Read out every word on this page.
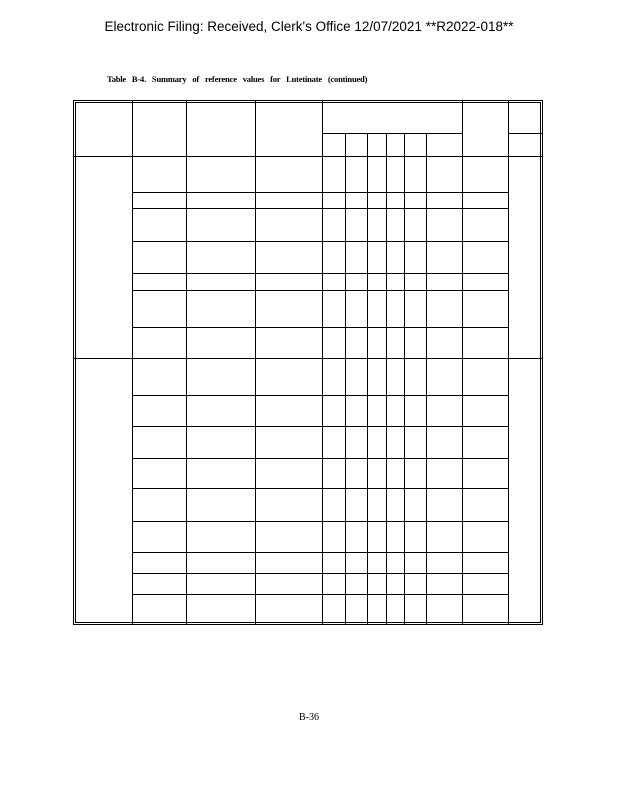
Electronic Filing: Received, Clerk's Office 12/07/2021 **R2022-018**
Table B-4. Summary of reference values for Lutetinate (continued)
B-36
